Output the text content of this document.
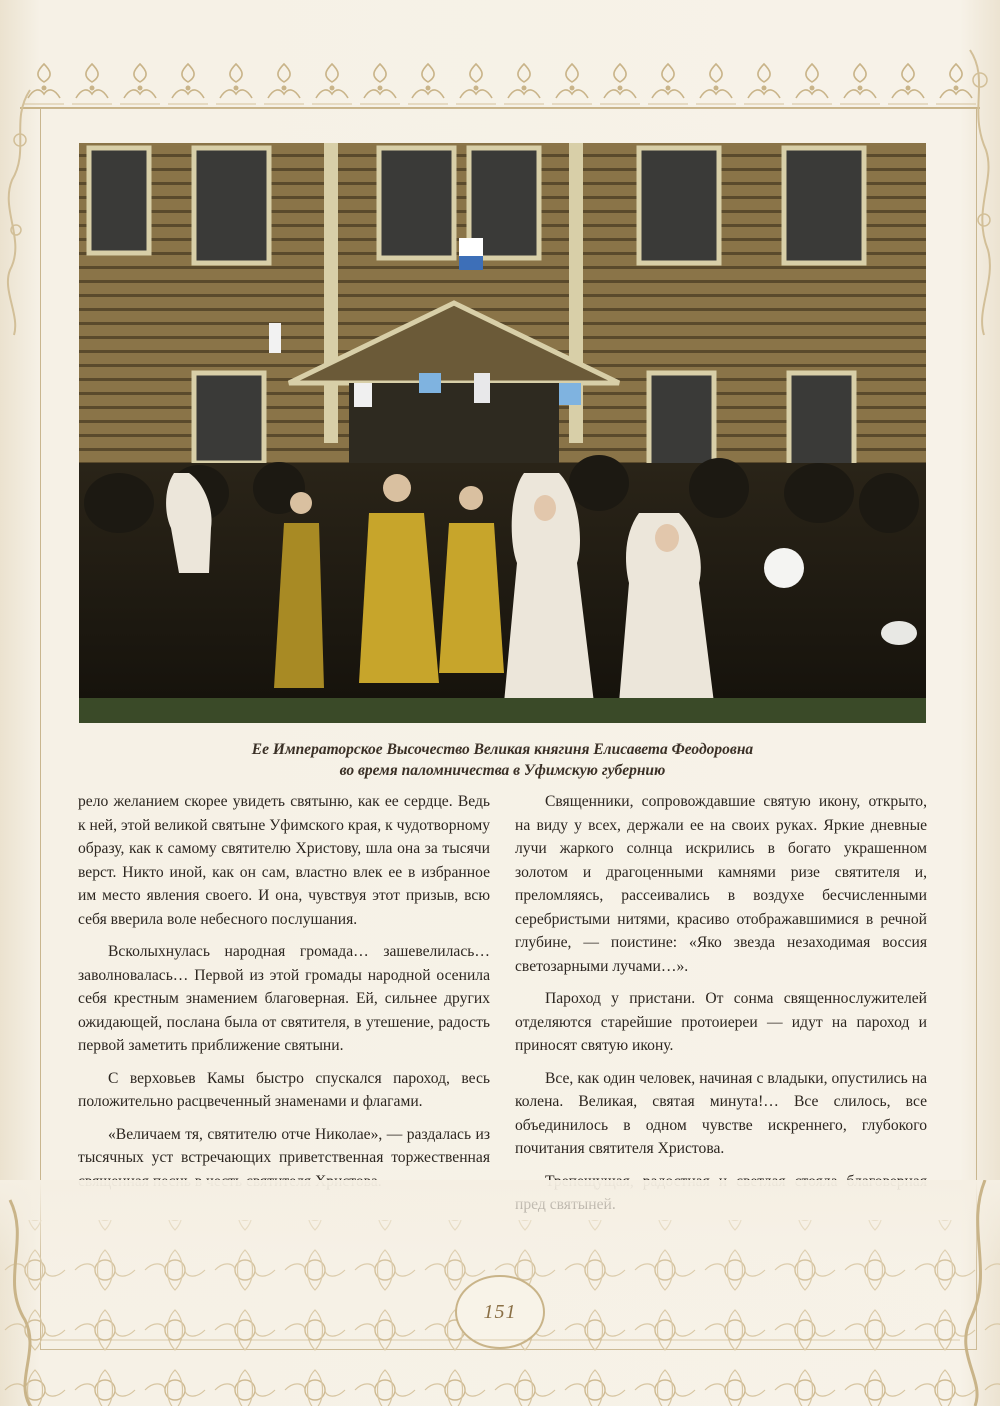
Ее Императорское Высочество Великая княгиня Елисавета Феодоровна
во время паломничества в Уфимскую губернию

рело желанием скорее увидеть святыню, как ее сердце. Ведь к ней, этой великой святыне Уфимского края, к чудотворному образу, как к самому святителю Христову, шла она за тысячи верст. Никто иной, как он сам, властно влек ее в избранное им место явления своего. И она, чувствуя этот призыв, всю себя вверила воле небесного послушания.

Всколыхнулась народная громада… зашевелилась… заволновалась… Первой из этой громады народной осенила себя крестным знамением благоверная. Ей, сильнее других ожидающей, послана была от святителя, в утешение, радость первой заметить приближение святыни.

С верховьев Камы быстро спускался пароход, весь положительно расцвеченный знаменами и флагами.

«Величаем тя, святителю отче Николае», — раздалась из тысячных уст встречающих приветственная торжественная

Священники, сопровождавшие святую икону, открыто, на виду у всех, держали ее на своих руках. Яркие дневные лучи жаркого солнца искрились в богато украшенном золотом и драгоценными камнями ризе святителя и, преломляясь, рассеивались в воздухе бесчисленными серебристыми нитями, красиво отображавшимися в речной глубине, — поистине: «Яко звезда незаходимая воссия светозарными лучами…».

Пароход у пристани. От сонма священнослужителей отделяются старейшие протоиереи — идут на пароход и приносят святую икону.

Все, как один человек, начиная с владыки, опустились на колена. Великая, святая минута!… Все слилось, все объединилось в одном чувстве искреннего, глубокого почитания святителя Христова.

151
